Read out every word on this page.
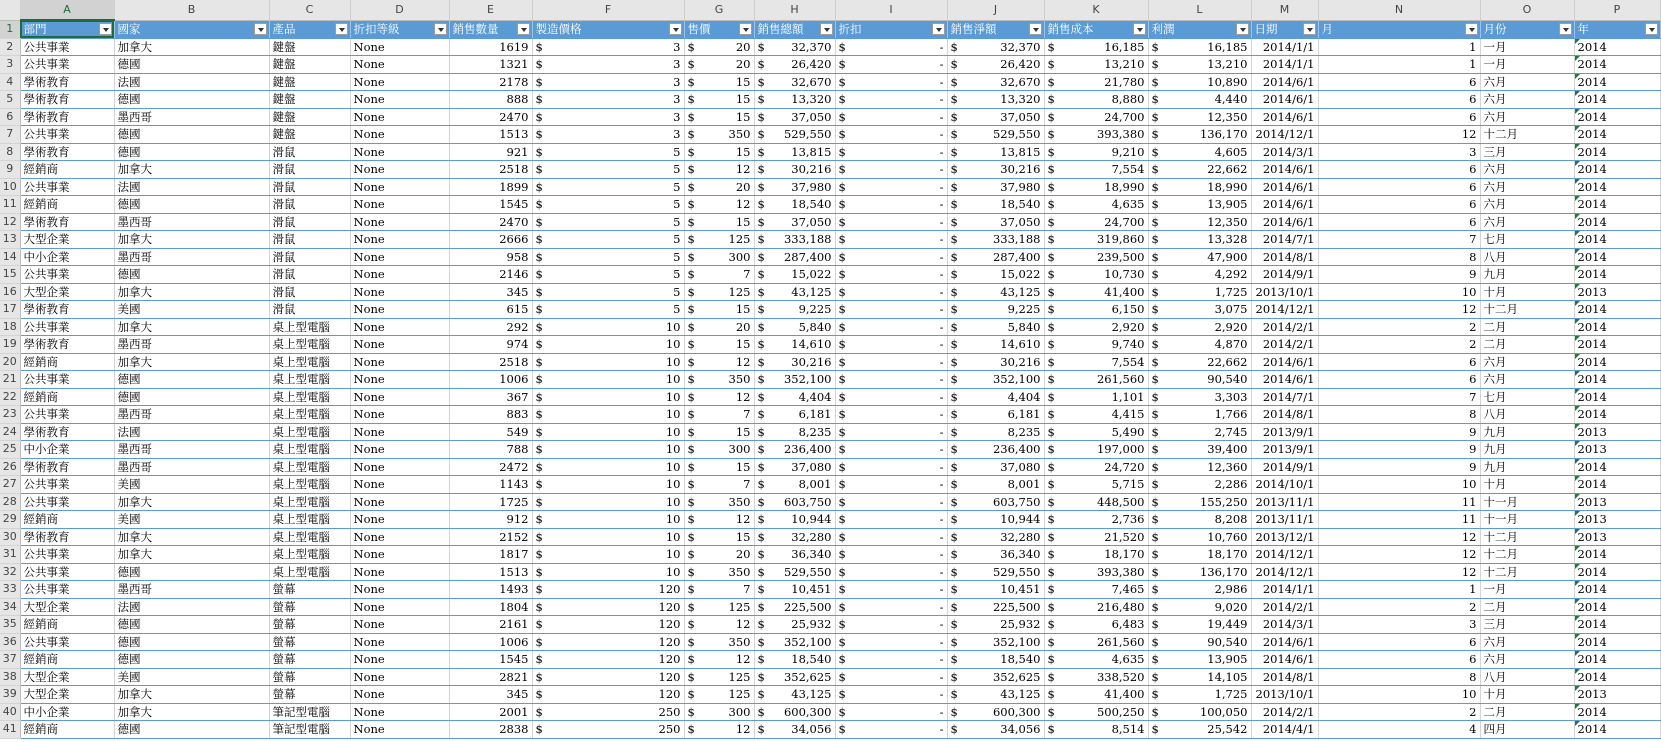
	A	B	C	D	E	F	G	H	I	J	K	L	M	N	O	P
1	部門	國家	產品	折扣等級	銷售數量	製造價格	售價	銷售總額	折扣	銷售淨額	銷售成本	利潤	日期	月	月份	年

2	公共事業	加拿大	鍵盤	None	1619	$ 3	$ 20	$ 32,370	$ -	$ 32,370	$ 16,185	$ 16,185	2014/1/1	1	一月	2014
3	公共事業	德國	鍵盤	None	1321	$ 3	$ 20	$ 26,420	$ -	$ 26,420	$ 13,210	$ 13,210	2014/1/1	1	一月	2014
4	學術教育	法國	鍵盤	None	2178	$ 3	$ 15	$ 32,670	$ -	$ 32,670	$ 21,780	$ 10,890	2014/6/1	6	六月	2014
5	學術教育	德國	鍵盤	None	888	$ 3	$ 15	$ 13,320	$ -	$ 13,320	$ 8,880	$ 4,440	2014/6/1	6	六月	2014
6	學術教育	墨西哥	鍵盤	None	2470	$ 3	$ 15	$ 37,050	$ -	$ 37,050	$ 24,700	$ 12,350	2014/6/1	6	六月	2014
7	公共事業	德國	鍵盤	None	1513	$ 3	$ 350	$ 529,550	$ -	$ 529,550	$ 393,380	$ 136,170	2014/12/1	12	十二月	2014
8	學術教育	德國	滑鼠	None	921	$ 5	$ 15	$ 13,815	$ -	$ 13,815	$ 9,210	$ 4,605	2014/3/1	3	三月	2014
9	經銷商	加拿大	滑鼠	None	2518	$ 5	$ 12	$ 30,216	$ -	$ 30,216	$ 7,554	$ 22,662	2014/6/1	6	六月	2014
10	公共事業	法國	滑鼠	None	1899	$ 5	$ 20	$ 37,980	$ -	$ 37,980	$ 18,990	$ 18,990	2014/6/1	6	六月	2014
11	經銷商	德國	滑鼠	None	1545	$ 5	$ 12	$ 18,540	$ -	$ 18,540	$ 4,635	$ 13,905	2014/6/1	6	六月	2014
12	學術教育	墨西哥	滑鼠	None	2470	$ 5	$ 15	$ 37,050	$ -	$ 37,050	$ 24,700	$ 12,350	2014/6/1	6	六月	2014
13	大型企業	加拿大	滑鼠	None	2666	$ 5	$ 125	$ 333,188	$ -	$ 333,188	$ 319,860	$ 13,328	2014/7/1	7	七月	2014
14	中小企業	墨西哥	滑鼠	None	958	$ 5	$ 300	$ 287,400	$ -	$ 287,400	$ 239,500	$ 47,900	2014/8/1	8	八月	2014
15	公共事業	德國	滑鼠	None	2146	$ 5	$ 7	$ 15,022	$ -	$ 15,022	$ 10,730	$ 4,292	2014/9/1	9	九月	2014
16	大型企業	加拿大	滑鼠	None	345	$ 5	$ 125	$ 43,125	$ -	$ 43,125	$ 41,400	$ 1,725	2013/10/1	10	十月	2013
17	學術教育	美國	滑鼠	None	615	$ 5	$ 15	$ 9,225	$ -	$ 9,225	$ 6,150	$ 3,075	2014/12/1	12	十二月	2014
18	公共事業	加拿大	桌上型電腦	None	292	$ 10	$ 20	$ 5,840	$ -	$ 5,840	$ 2,920	$ 2,920	2014/2/1	2	二月	2014
19	學術教育	墨西哥	桌上型電腦	None	974	$ 10	$ 15	$ 14,610	$ -	$ 14,610	$ 9,740	$ 4,870	2014/2/1	2	二月	2014
20	經銷商	加拿大	桌上型電腦	None	2518	$ 10	$ 12	$ 30,216	$ -	$ 30,216	$ 7,554	$ 22,662	2014/6/1	6	六月	2014
21	公共事業	德國	桌上型電腦	None	1006	$ 10	$ 350	$ 352,100	$ -	$ 352,100	$ 261,560	$ 90,540	2014/6/1	6	六月	2014
22	經銷商	德國	桌上型電腦	None	367	$ 10	$ 12	$ 4,404	$ -	$ 4,404	$ 1,101	$ 3,303	2014/7/1	7	七月	2014
23	公共事業	墨西哥	桌上型電腦	None	883	$ 10	$ 7	$ 6,181	$ -	$ 6,181	$ 4,415	$ 1,766	2014/8/1	8	八月	2014
24	學術教育	法國	桌上型電腦	None	549	$ 10	$ 15	$ 8,235	$ -	$ 8,235	$ 5,490	$ 2,745	2013/9/1	9	九月	2013
25	中小企業	墨西哥	桌上型電腦	None	788	$ 10	$ 300	$ 236,400	$ -	$ 236,400	$ 197,000	$ 39,400	2013/9/1	9	九月	2013
26	學術教育	墨西哥	桌上型電腦	None	2472	$ 10	$ 15	$ 37,080	$ -	$ 37,080	$ 24,720	$ 12,360	2014/9/1	9	九月	2014
27	公共事業	美國	桌上型電腦	None	1143	$ 10	$ 7	$ 8,001	$ -	$ 8,001	$ 5,715	$ 2,286	2014/10/1	10	十月	2014
28	公共事業	加拿大	桌上型電腦	None	1725	$ 10	$ 350	$ 603,750	$ -	$ 603,750	$ 448,500	$ 155,250	2013/11/1	11	十一月	2013
29	經銷商	美國	桌上型電腦	None	912	$ 10	$ 12	$ 10,944	$ -	$ 10,944	$ 2,736	$ 8,208	2013/11/1	11	十一月	2013
30	學術教育	加拿大	桌上型電腦	None	2152	$ 10	$ 15	$ 32,280	$ -	$ 32,280	$ 21,520	$ 10,760	2013/12/1	12	十二月	2013
31	公共事業	加拿大	桌上型電腦	None	1817	$ 10	$ 20	$ 36,340	$ -	$ 36,340	$ 18,170	$ 18,170	2014/12/1	12	十二月	2014
32	公共事業	德國	桌上型電腦	None	1513	$ 10	$ 350	$ 529,550	$ -	$ 529,550	$ 393,380	$ 136,170	2014/12/1	12	十二月	2014
33	公共事業	墨西哥	螢幕	None	1493	$ 120	$ 7	$ 10,451	$ -	$ 10,451	$ 7,465	$ 2,986	2014/1/1	1	一月	2014
34	大型企業	法國	螢幕	None	1804	$ 120	$ 125	$ 225,500	$ -	$ 225,500	$ 216,480	$ 9,020	2014/2/1	2	二月	2014
35	經銷商	德國	螢幕	None	2161	$ 120	$ 12	$ 25,932	$ -	$ 25,932	$ 6,483	$ 19,449	2014/3/1	3	三月	2014
36	公共事業	德國	螢幕	None	1006	$ 120	$ 350	$ 352,100	$ -	$ 352,100	$ 261,560	$ 90,540	2014/6/1	6	六月	2014
37	經銷商	德國	螢幕	None	1545	$ 120	$ 12	$ 18,540	$ -	$ 18,540	$ 4,635	$ 13,905	2014/6/1	6	六月	2014
38	大型企業	美國	螢幕	None	2821	$ 120	$ 125	$ 352,625	$ -	$ 352,625	$ 338,520	$ 14,105	2014/8/1	8	八月	2014
39	大型企業	加拿大	螢幕	None	345	$ 120	$ 125	$ 43,125	$ -	$ 43,125	$ 41,400	$ 1,725	2013/10/1	10	十月	2013
40	中小企業	加拿大	筆記型電腦	None	2001	$ 250	$ 300	$ 600,300	$ -	$ 600,300	$ 500,250	$ 100,050	2014/2/1	2	二月	2014
41	經銷商	德國	筆記型電腦	None	2838	$ 250	$ 12	$ 34,056	$ -	$ 34,056	$ 8,514	$ 25,542	2014/4/1	4	四月	2014
